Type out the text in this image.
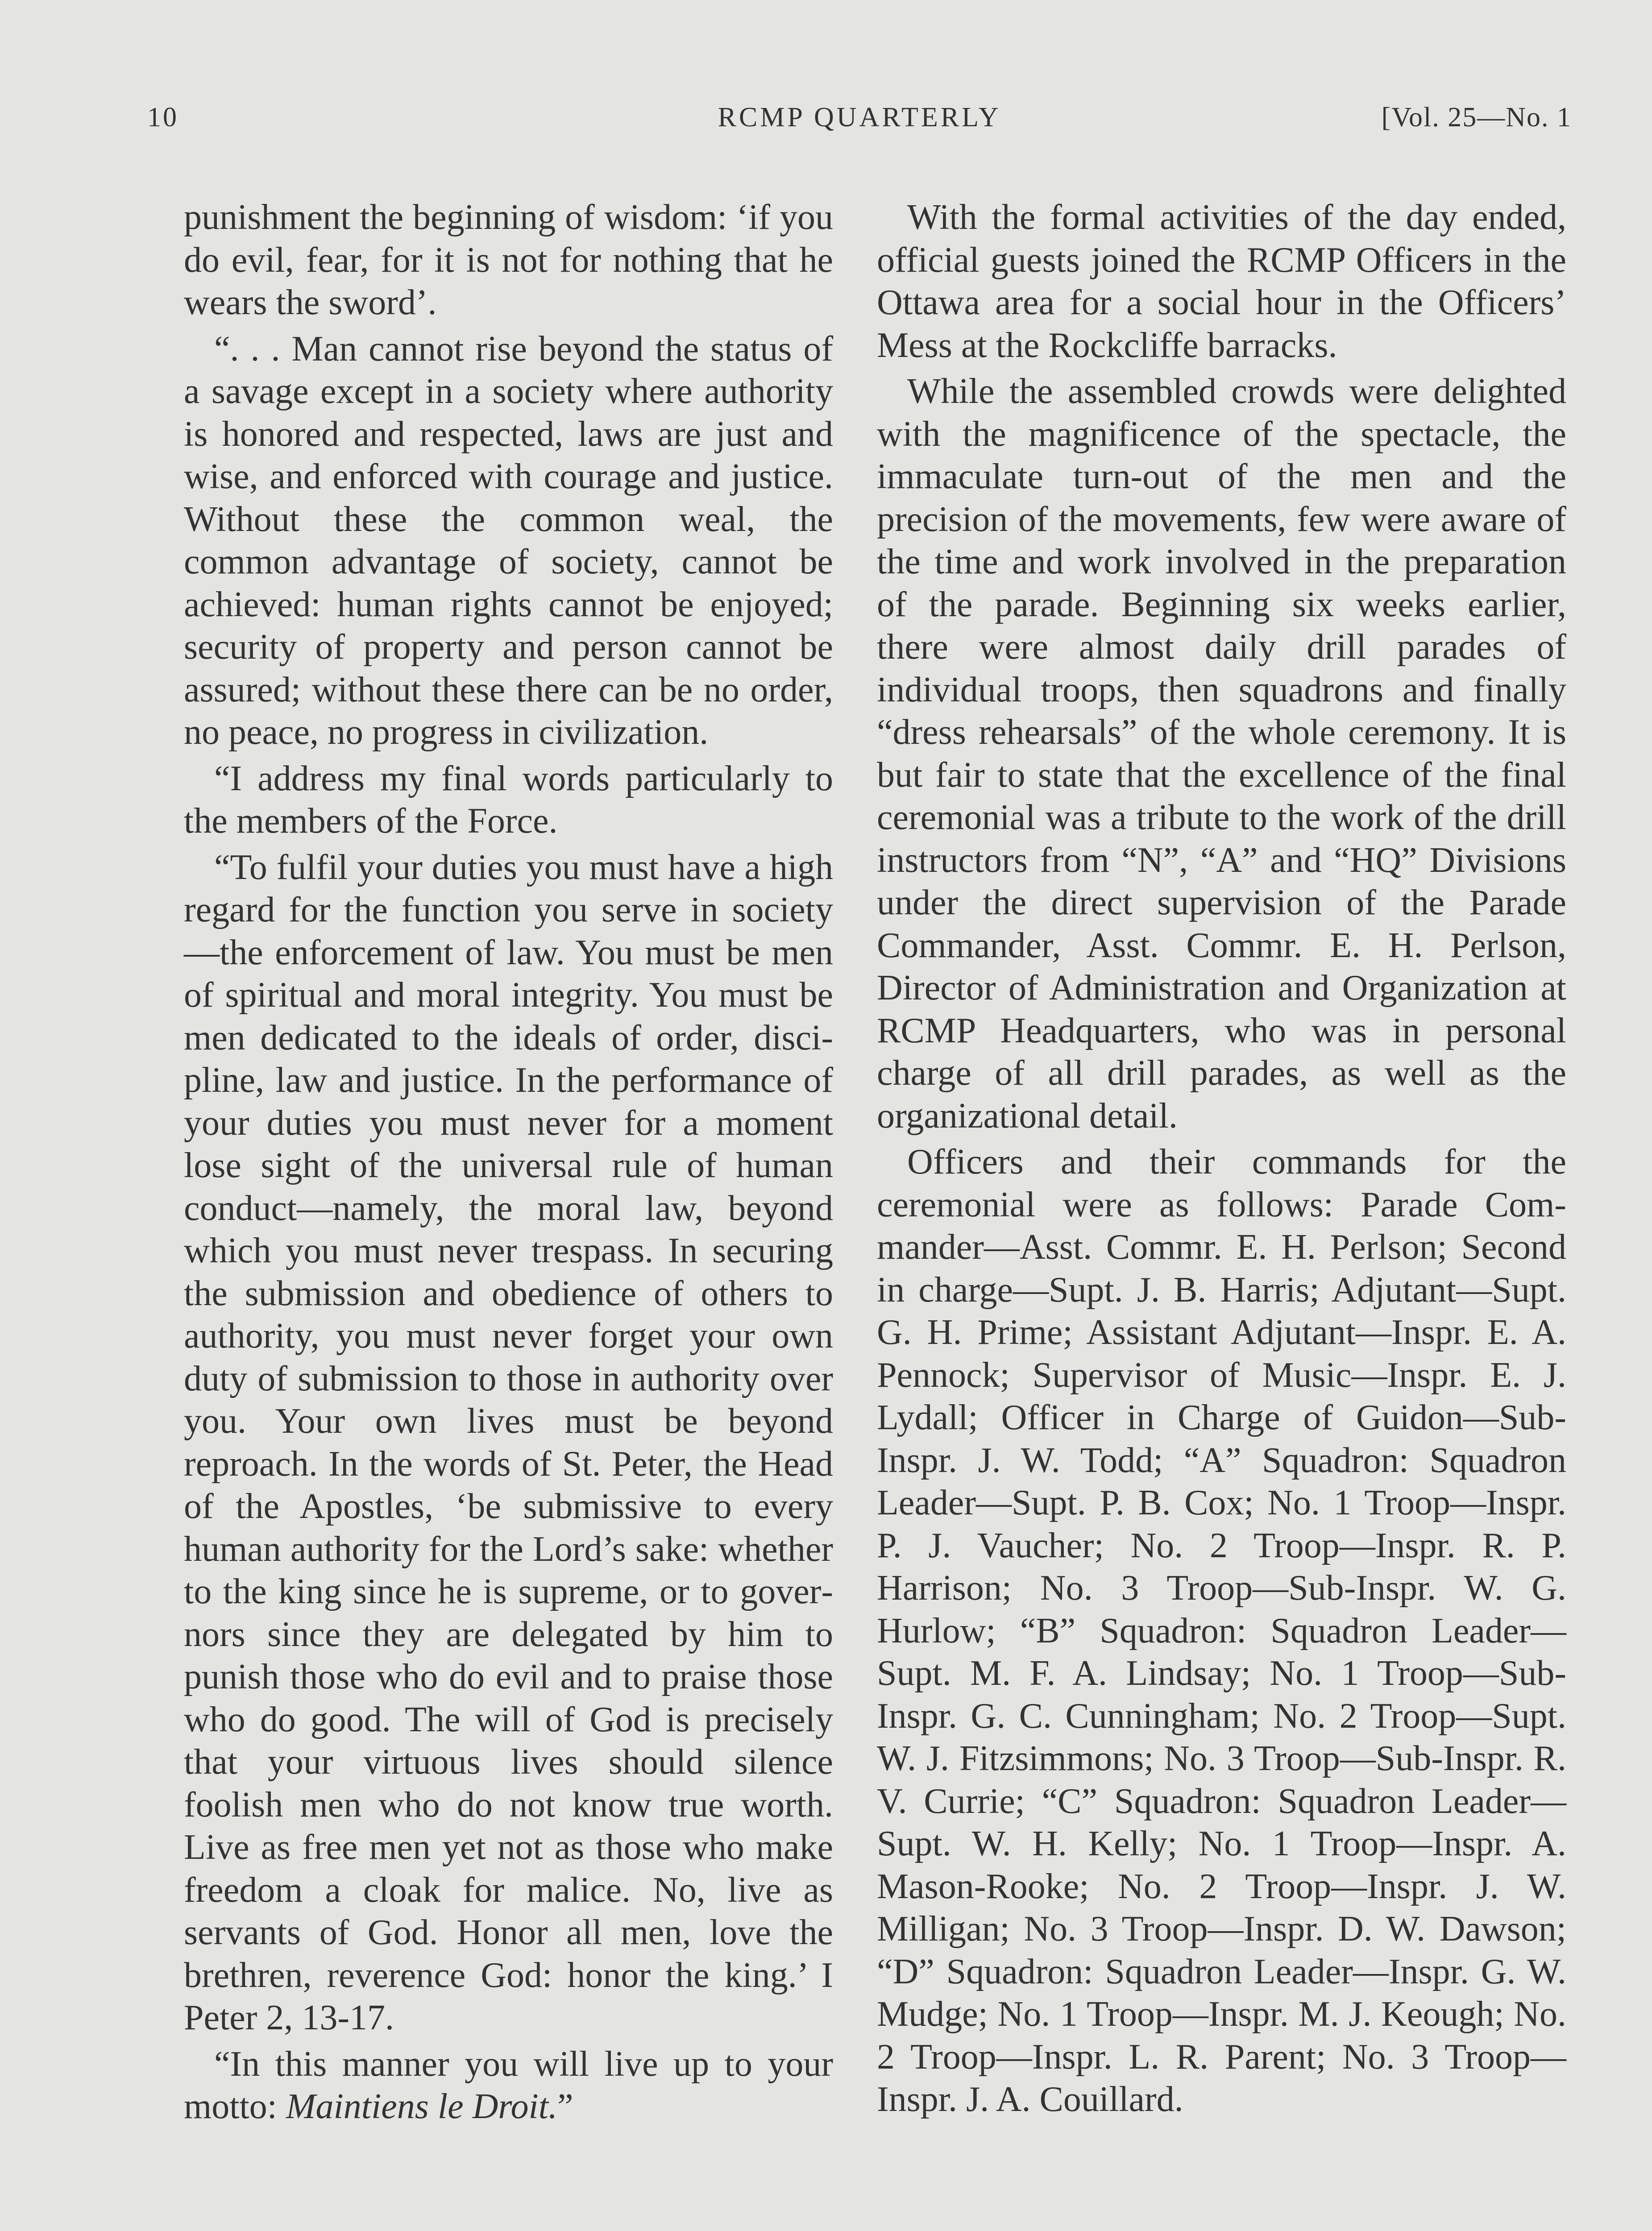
10	RCMP QUARTERLY	[Vol. 25—No. 1

punishment the beginning of wisdom: ‘if you do evil, fear, for it is not for nothing that he wears the sword’.

“. . . Man cannot rise beyond the status of a savage except in a society where authority is honored and respected, laws are just and wise, and enforced with courage and justice. Without these the common weal, the common advantage of society, cannot be achieved: human rights cannot be enjoyed; security of property and person cannot be assured; without these there can be no order, no peace, no progress in civilization.

“I address my final words particularly to the members of the Force.

“To fulfil your duties you must have a high regard for the function you serve in society—the enforcement of law. You must be men of spiritual and moral integrity. You must be men dedicated to the ideals of order, discipline, law and justice. In the performance of your duties you must never for a moment lose sight of the universal rule of human conduct—namely, the moral law, beyond which you must never trespass. In securing the submission and obedience of others to authority, you must never forget your own duty of submission to those in authority over you. Your own lives must be beyond reproach. In the words of St. Peter, the Head of the Apostles, ‘be submissive to every human authority for the Lord’s sake: whether to the king since he is supreme, or to governors since they are delegated by him to punish those who do evil and to praise those who do good. The will of God is precisely that your virtuous lives should silence foolish men who do not know true worth. Live as free men yet not as those who make freedom a cloak for malice. No, live as servants of God. Honor all men, love the brethren, reverence God: honor the king.’ I Peter 2, 13-17.

“In this manner you will live up to your motto: Maintiens le Droit.”

With the formal activities of the day ended, official guests joined the RCMP Officers in the Ottawa area for a social hour in the Officers’ Mess at the Rockcliffe barracks.

While the assembled crowds were delighted with the magnificence of the spectacle, the immaculate turn-out of the men and the precision of the movements, few were aware of the time and work involved in the preparation of the parade. Beginning six weeks earlier, there were almost daily drill parades of individual troops, then squadrons and finally “dress rehearsals” of the whole ceremony. It is but fair to state that the excellence of the final ceremonial was a tribute to the work of the drill instructors from “N”, “A” and “HQ” Divisions under the direct supervision of the Parade Commander, Asst. Commr. E. H. Perlson, Director of Administration and Organization at RCMP Headquarters, who was in personal charge of all drill parades, as well as the organizational detail.

Officers and their commands for the ceremonial were as follows: Parade Commander—Asst. Commr. E. H. Perlson; Second in charge—Supt. J. B. Harris; Adjutant—Supt. G. H. Prime; Assistant Adjutant—Inspr. E. A. Pennock; Supervisor of Music—Inspr. E. J. Lydall; Officer in Charge of Guidon—Sub-Inspr. J. W. Todd; “A” Squadron: Squadron Leader—Supt. P. B. Cox; No. 1 Troop—Inspr. P. J. Vaucher; No. 2 Troop—Inspr. R. P. Harrison; No. 3 Troop—Sub-Inspr. W. G. Hurlow; “B” Squadron: Squadron Leader—Supt. M. F. A. Lindsay; No. 1 Troop—Sub-Inspr. G. C. Cunningham; No. 2 Troop—Supt. W. J. Fitzsimmons; No. 3 Troop—Sub-Inspr. R. V. Currie; “C” Squadron: Squadron Leader—Supt. W. H. Kelly; No. 1 Troop—Inspr. A. Mason-Rooke; No. 2 Troop—Inspr. J. W. Milligan; No. 3 Troop—Inspr. D. W. Dawson; “D” Squadron: Squadron Leader—Inspr. G. W. Mudge; No. 1 Troop—Inspr. M. J. Keough; No. 2 Troop—Inspr. L. R. Parent; No. 3 Troop—Inspr. J. A. Couillard.
